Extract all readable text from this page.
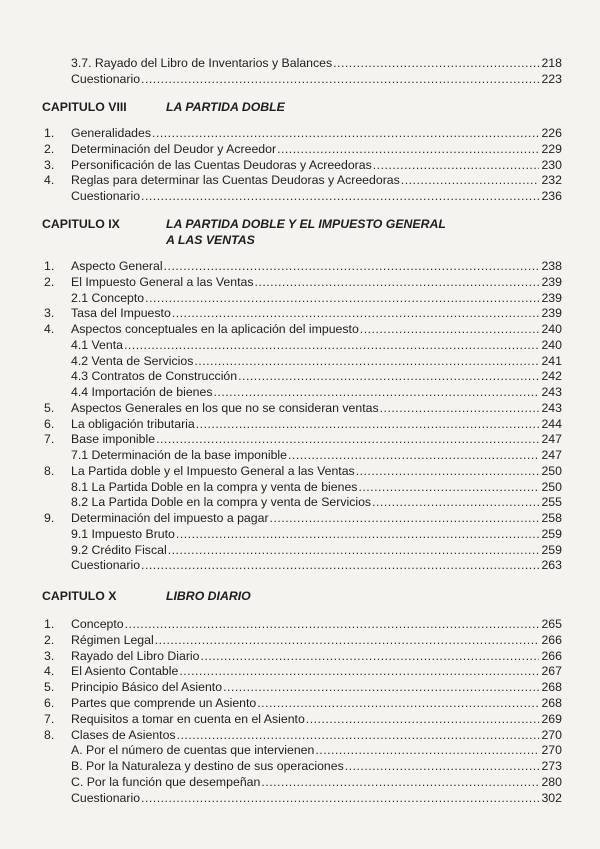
3.7. Rayado del Libro de Inventarios y Balances .....	218
Cuestionario .....	223
CAPITULO VIII	LA PARTIDA DOBLE
1. Generalidades .....	226
2. Determinación del Deudor y Acreedor .....	229
3. Personificación de las Cuentas Deudoras y Acreedoras .....	230
4. Reglas para determinar las Cuentas Deudoras y Acreedoras .....	232
Cuestionario .....	236
CAPITULO IX	LA PARTIDA DOBLE Y EL IMPUESTO GENERAL
A LAS VENTAS
1. Aspecto General .....	238
2. El Impuesto General a las Ventas .....	239
2.1 Concepto .....	239
3. Tasa del Impuesto .....	239
4. Aspectos conceptuales en la aplicación del impuesto .....	240
4.1 Venta .....	240
4.2 Venta de Servicios .....	241
4.3 Contratos de Construcción .....	242
4.4 Importación de bienes .....	243
5. Aspectos Generales en los que no se consideran ventas .....	243
6. La obligación tributaria .....	244
7. Base imponible .....	247
7.1 Determinación de la base imponible .....	247
8. La Partida doble y el Impuesto General a las Ventas .....	250
8.1 La Partida Doble en la compra y venta de bienes .....	250
8.2 La Partida Doble en la compra y venta de Servicios .....	255
9. Determinación del impuesto a pagar .....	258
9.1 Impuesto Bruto .....	259
9.2 Crédito Fiscal .....	259
Cuestionario .....	263
CAPITULO X	LIBRO DIARIO
1. Concepto .....	265
2. Régimen Legal .....	266
3. Rayado del Libro Diario .....	266
4. El Asiento Contable .....	267
5. Principio Básico del Asiento .....	268
6. Partes que comprende un Asiento .....	268
7. Requisitos a tomar en cuenta en el Asiento .....	269
8. Clases de Asientos .....	270
A. Por el número de cuentas que intervienen .....	270
B. Por la Naturaleza y destino de sus operaciones .....	273
C. Por la función que desempeñan .....	280
Cuestionario .....	302
